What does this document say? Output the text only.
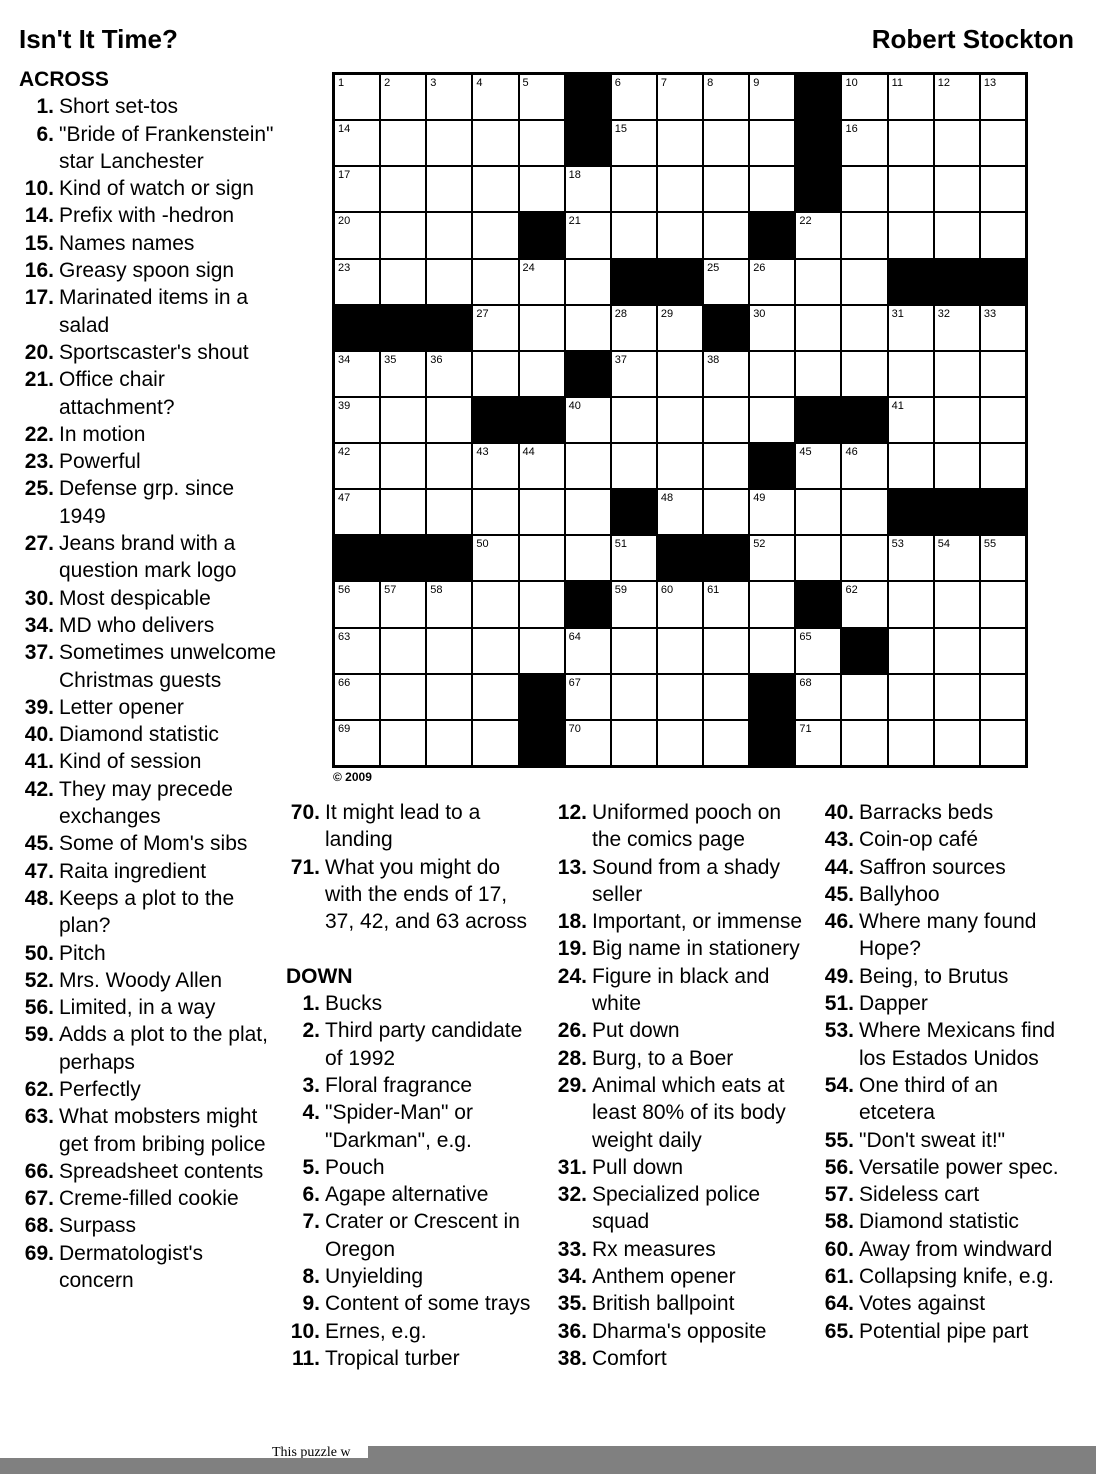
Isn't It Time?	Robert Stockton
ACROSS
1. Short set-tos
6. "Bride of Frankenstein" star Lanchester
10. Kind of watch or sign
14. Prefix with -hedron
15. Names names
16. Greasy spoon sign
17. Marinated items in a salad
20. Sportscaster's shout
21. Office chair attachment?
22. In motion
23. Powerful
25. Defense grp. since 1949
27. Jeans brand with a question mark logo
30. Most despicable
34. MD who delivers
37. Sometimes unwelcome Christmas guests
39. Letter opener
40. Diamond statistic
41. Kind of session
42. They may precede exchanges
45. Some of Mom's sibs
47. Raita ingredient
48. Keeps a plot to the plan?
50. Pitch
52. Mrs. Woody Allen
56. Limited, in a way
59. Adds a plot to the plat, perhaps
62. Perfectly
63. What mobsters might get from bribing police
66. Spreadsheet contents
67. Creme-filled cookie
68. Surpass
69. Dermatologist's concern
70. It might lead to a landing
71. What you might do with the ends of 17, 37, 42, and 63 across
DOWN
1. Bucks
2. Third party candidate of 1992
3. Floral fragrance
4. "Spider-Man" or "Darkman", e.g.
5. Pouch
6. Agape alternative
7. Crater or Crescent in Oregon
8. Unyielding
9. Content of some trays
10. Ernes, e.g.
11. Tropical turber
12. Uniformed pooch on the comics page
13. Sound from a shady seller
18. Important, or immense
19. Big name in stationery
24. Figure in black and white
26. Put down
28. Burg, to a Boer
29. Animal which eats at least 80% of its body weight daily
31. Pull down
32. Specialized police squad
33. Rx measures
34. Anthem opener
35. British ballpoint
36. Dharma's opposite
38. Comfort
40. Barracks beds
43. Coin-op café
44. Saffron sources
45. Ballyhoo
46. Where many found Hope?
49. Being, to Brutus
51. Dapper
53. Where Mexicans find los Estados Unidos
54. One third of an etcetera
55. "Don't sweat it!"
56. Versatile power spec.
57. Sideless cart
58. Diamond statistic
60. Away from windward
61. Collapsing knife, e.g.
64. Votes against
65. Potential pipe part
1	2	3	4	5	6	7	8	9	10	11	12	13
14	15	16
17	18
20	21	22
23	24	25	26
27	28	29	30	31	32	33
34	35	36	37	38
39	40	41
42	43	44	45	46
47	48	49
50	51	52	53	54	55
56	57	58	59	60	61	62
63	64	65
66	67	68
69	70	71
© 2009
This puzzle w
